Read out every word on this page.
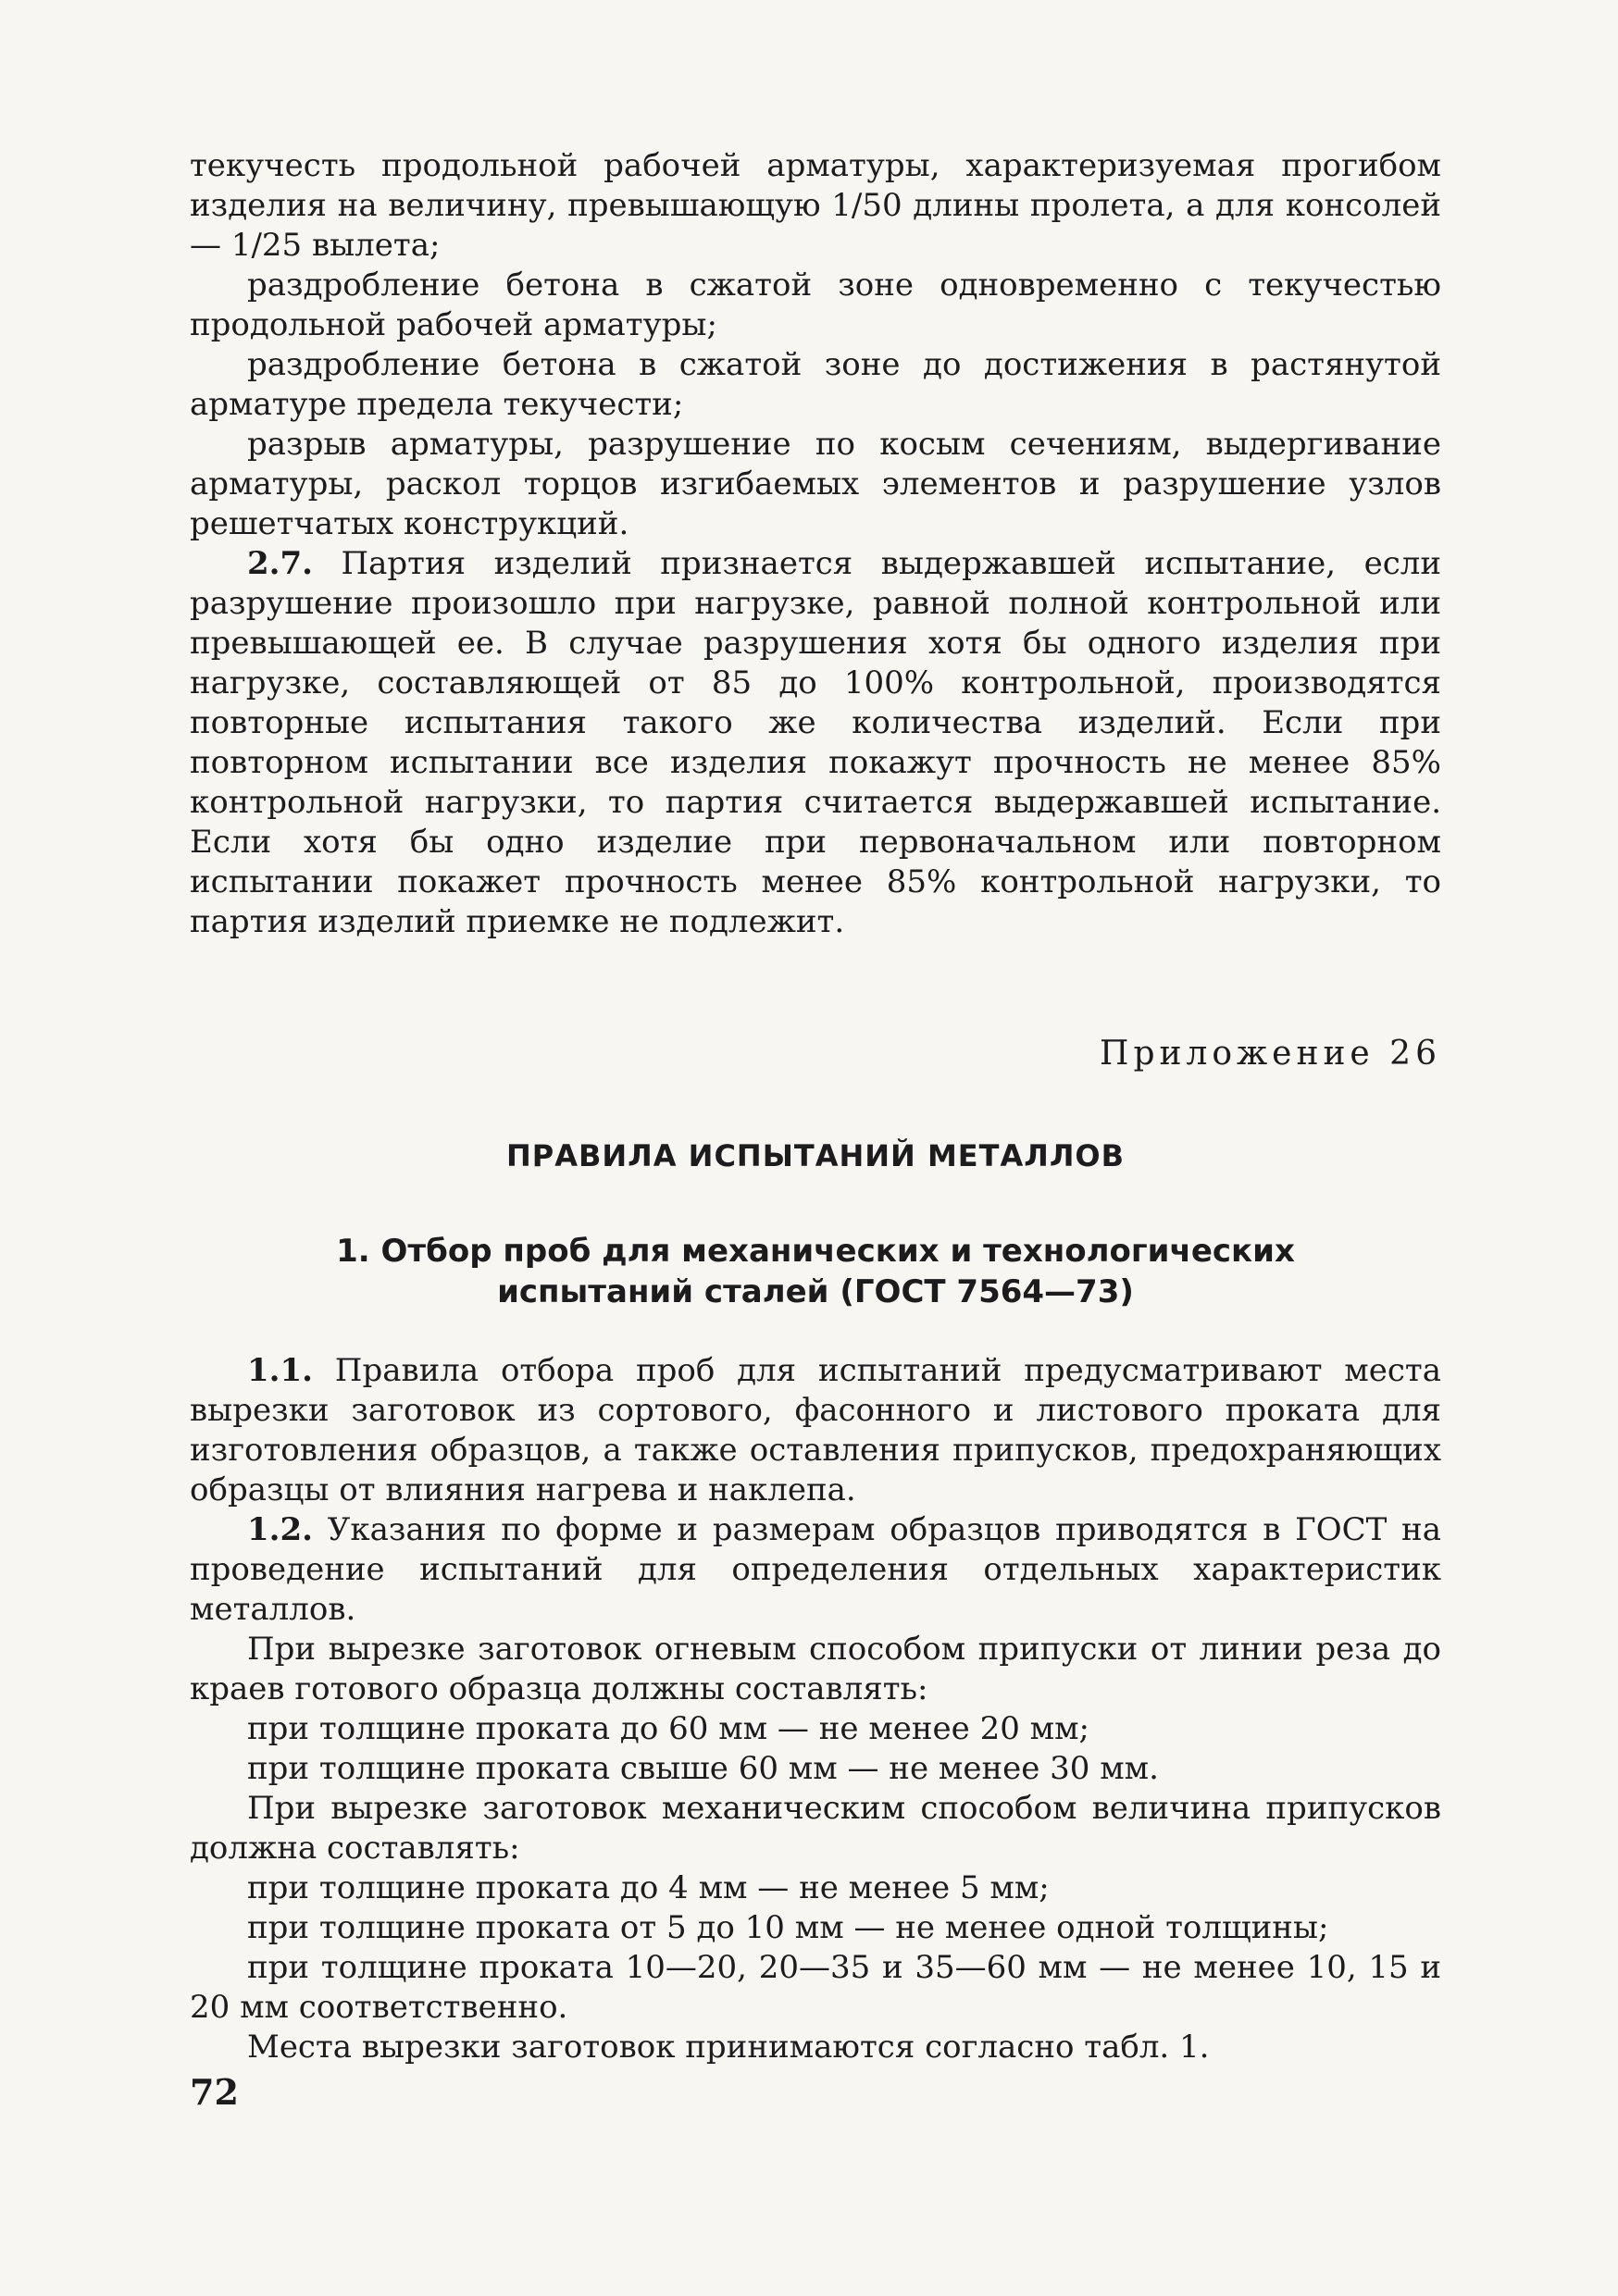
текучесть продольной рабочей арматуры, характеризуемая прогибом изделия на величину, превышающую 1/50 длины пролета, а для консолей — 1/25 вылета;

раздробление бетона в сжатой зоне одновременно с текучестью продольной рабочей арматуры;

раздробление бетона в сжатой зоне до достижения в растянутой арматуре предела текучести;

разрыв арматуры, разрушение по косым сечениям, выдергивание арматуры, раскол торцов изгибаемых элементов и разрушение узлов решетчатых конструкций.

2.7. Партия изделий признается выдержавшей испытание, если разрушение произошло при нагрузке, равной полной контрольной или превышающей ее. В случае разрушения хотя бы одного изделия при нагрузке, составляющей от 85 до 100% контрольной, производятся повторные испытания такого же количества изделий. Если при повторном испытании все изделия покажут прочность не менее 85% контрольной нагрузки, то партия считается выдержавшей испытание. Если хотя бы одно изделие при первоначальном или повторном испытании покажет прочность менее 85% контрольной нагрузки, то партия изделий приемке не подлежит.

Приложение 26
ПРАВИЛА ИСПЫТАНИЙ МЕТАЛЛОВ
1. Отбор проб для механических и технологических
испытаний сталей (ГОСТ 7564—73)

1.1. Правила отбора проб для испытаний предусматривают места вырезки заготовок из сортового, фасонного и листового проката для изготовления образцов, а также оставления припусков, предохраняющих образцы от влияния нагрева и наклепа.

1.2. Указания по форме и размерам образцов приводятся в ГОСТ на проведение испытаний для определения отдельных характеристик металлов.

При вырезке заготовок огневым способом припуски от линии реза до краев готового образца должны составлять:

при толщине проката до 60 мм — не менее 20 мм;

при толщине проката свыше 60 мм — не менее 30 мм.

При вырезке заготовок механическим способом величина припусков должна составлять:

при толщине проката до 4 мм — не менее 5 мм;

при толщине проката от 5 до 10 мм — не менее одной толщины;

при толщине проката 10—20, 20—35 и 35—60 мм — не менее 10, 15 и 20 мм соответственно.

Места вырезки заготовок принимаются согласно табл. 1.

72
